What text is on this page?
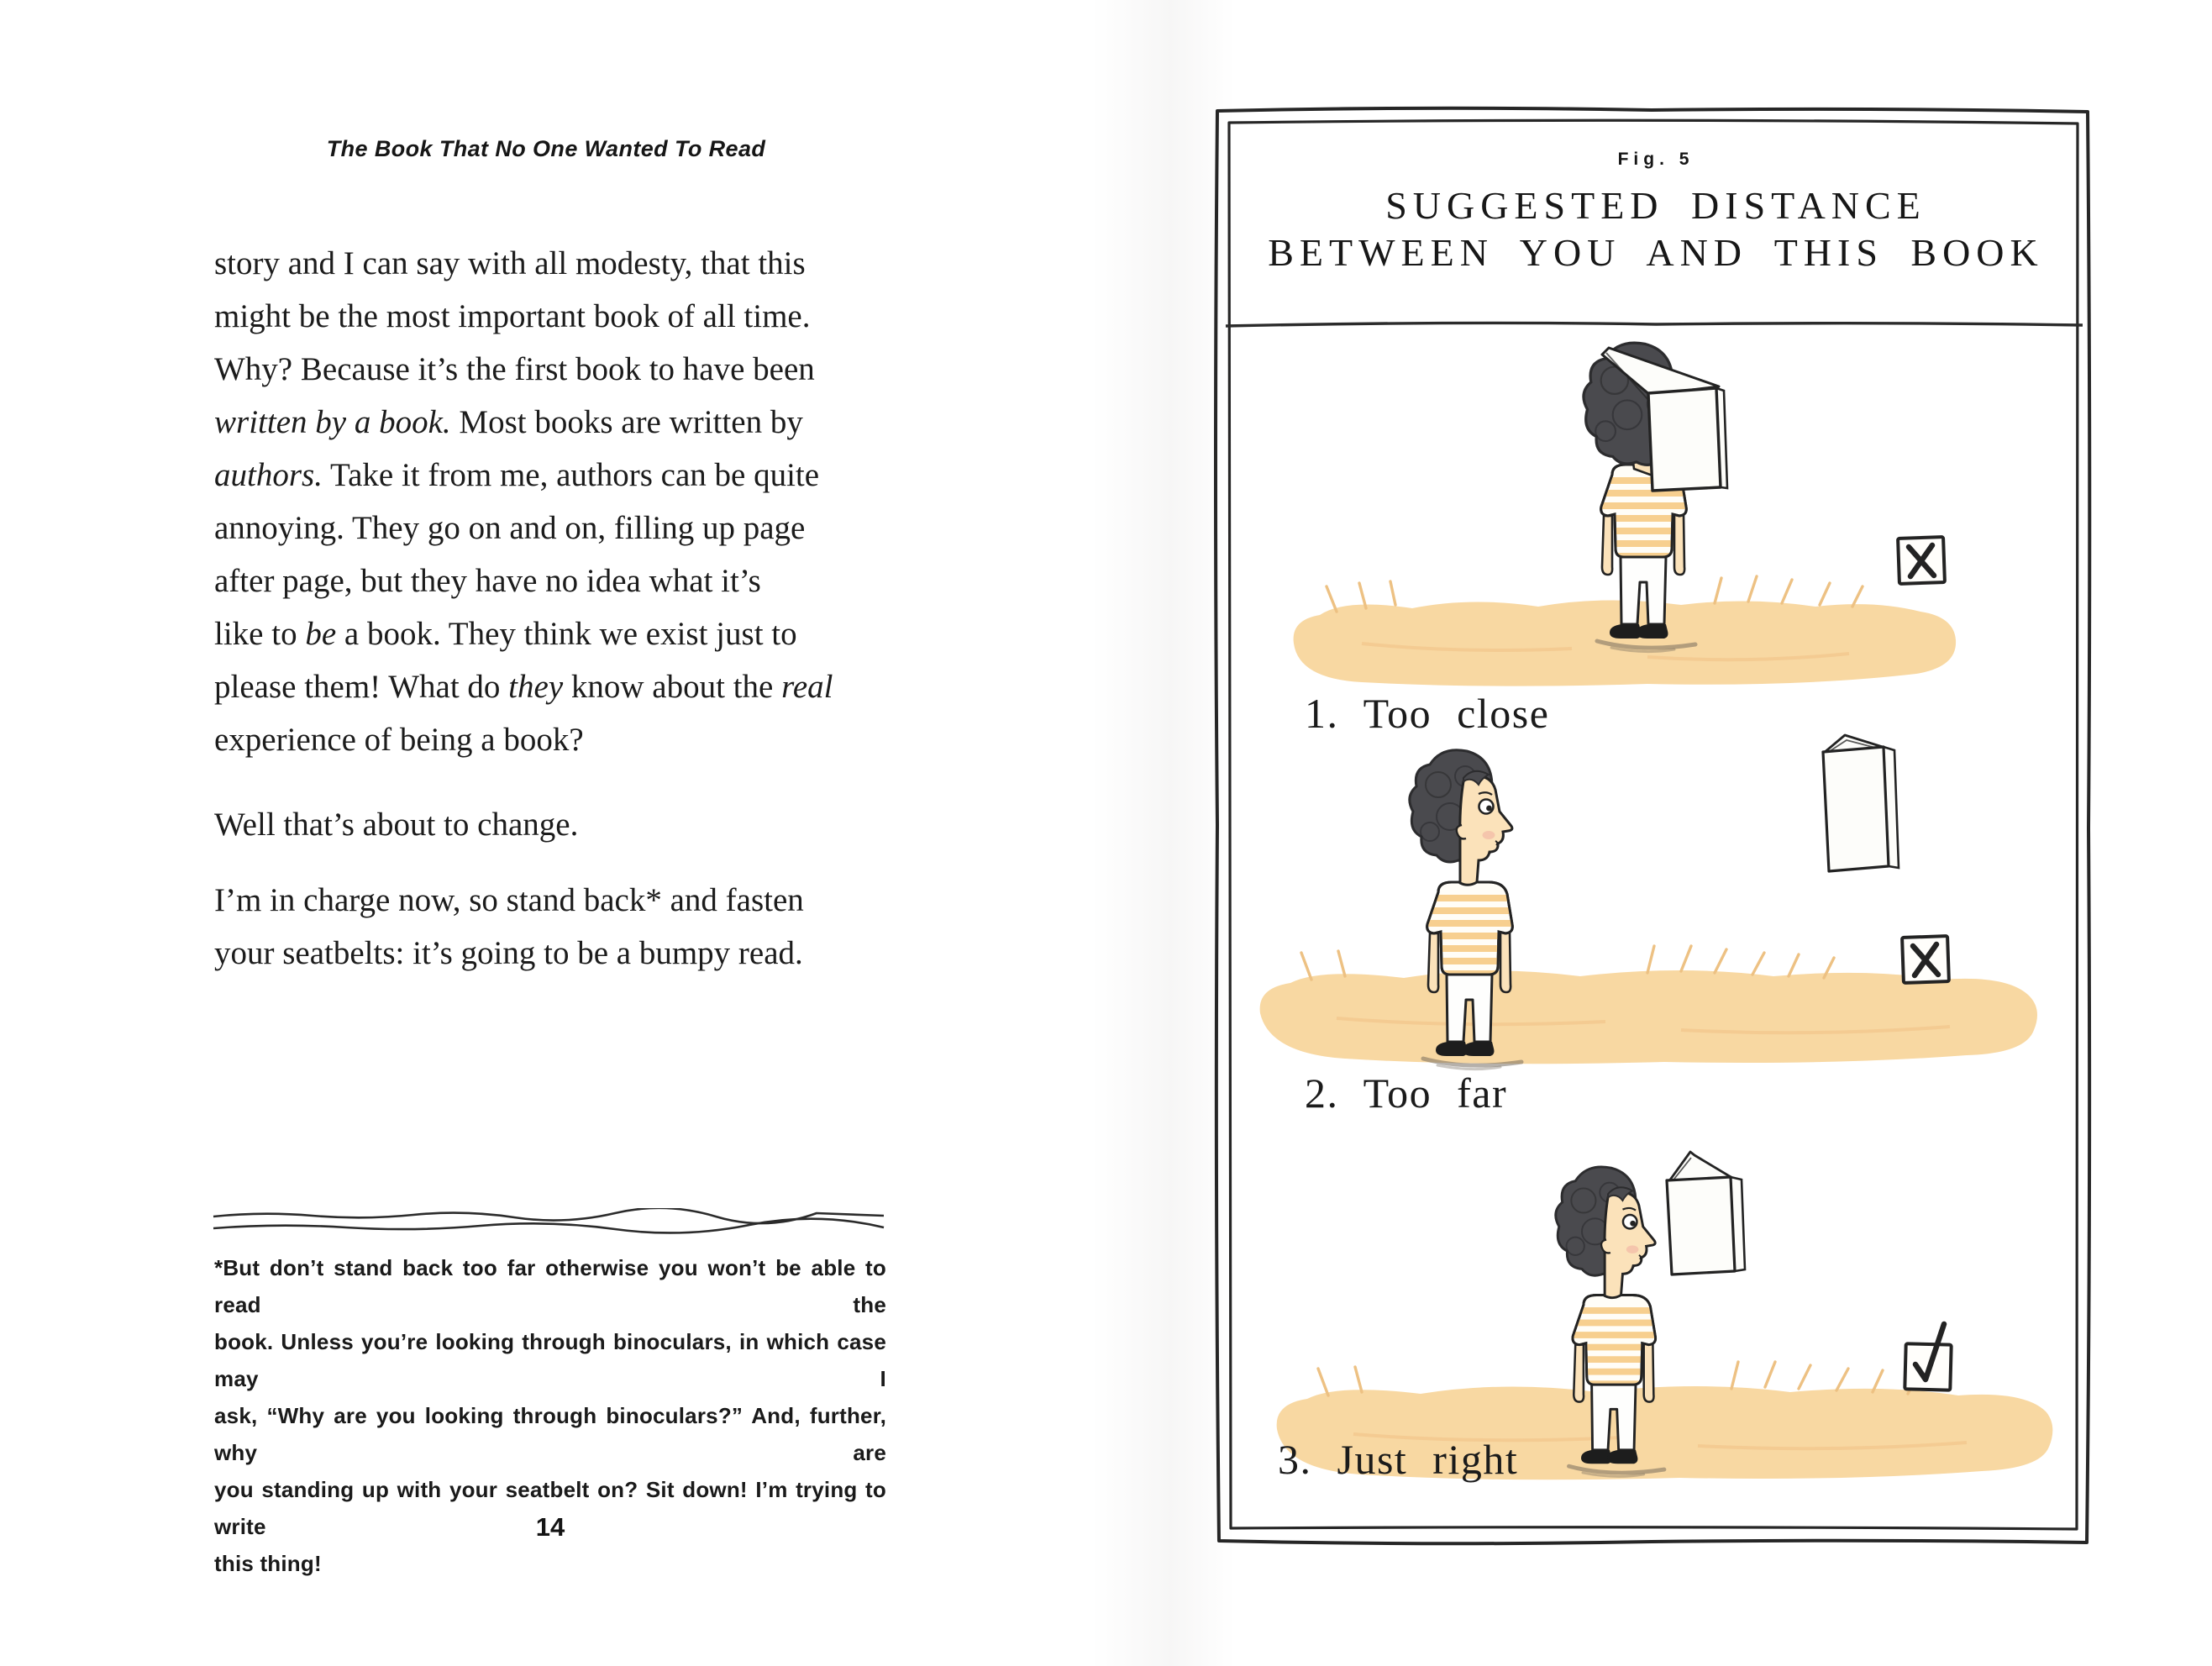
The Book That No One Wanted To Read
story and I can say with all modesty, that this
might be the most important book of all time.
Why? Because it’s the first book to have been
written by a book. Most books are written by
authors. Take it from me, authors can be quite
annoying. They go on and on, filling up page
after page, but they have no idea what it’s
like to be a book. They think we exist just to
please them! What do they know about the real
experience of being a book?
Well that’s about to change.
I’m in charge now, so stand back* and fasten
your seatbelts: it’s going to be a bumpy read.
*But don’t stand back too far otherwise you won’t be able to read the
book. Unless you’re looking through binoculars, in which case may I
ask, “Why are you looking through binoculars?” And, further, why are
you standing up with your seatbelt on? Sit down! I’m trying to write
this thing!
14
Fig. 5
SUGGESTED DISTANCE
BETWEEN YOU AND THIS BOOK
1. Too close
2. Too far
3. Just right
